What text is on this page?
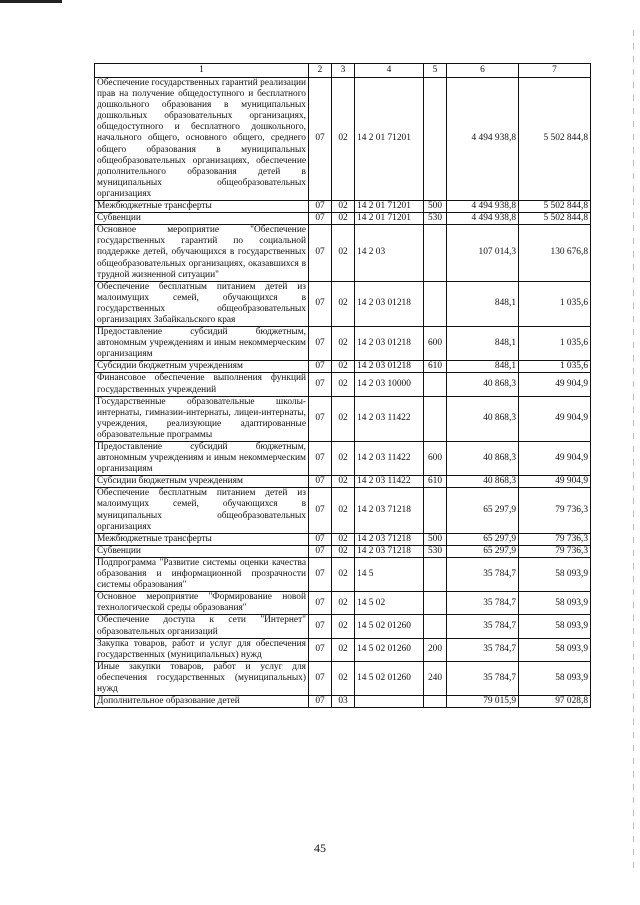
1	2	3	4	5	6	7
Обеспечение государственных гарантий реализации прав на получение общедоступного и бесплатного дошкольного образования в муниципальных дошкольных образовательных организациях, общедоступного и бесплатного дошкольного, начального общего, основного общего, среднего общего образования в муниципальных общеобразовательных организациях, обеспечение дополнительного образования детей в муниципальных общеобразовательных организациях	07	02	14 2 01 71201		4 494 938,8	5 502 844,8
Межбюджетные трансферты	07	02	14 2 01 71201	500	4 494 938,8	5 502 844,8
Субвенции	07	02	14 2 01 71201	530	4 494 938,8	5 502 844,8
Основное мероприятие "Обеспечение государственных гарантий по социальной поддержке детей, обучающихся в государственных общеобразовательных организациях, оказавшихся в трудной жизненной ситуации"	07	02	14 2 03		107 014,3	130 676,8
Обеспечение бесплатным питанием детей из малоимущих семей, обучающихся в государственных общеобразовательных организациях Забайкальского края	07	02	14 2 03 01218		848,1	1 035,6
Предоставление субсидий бюджетным, автономным учреждениям и иным некоммерческим организациям	07	02	14 2 03 01218	600	848,1	1 035,6
Субсидии бюджетным учреждениям	07	02	14 2 03 01218	610	848,1	1 035,6
Финансовое обеспечение выполнения функций государственных учреждений	07	02	14 2 03 10000		40 868,3	49 904,9
Государственные образовательные школы-интернаты, гимназии-интернаты, лицеи-интернаты, учреждения, реализующие адаптированные образовательные программы	07	02	14 2 03 11422		40 868,3	49 904,9
Предоставление субсидий бюджетным, автономным учреждениям и иным некоммерческим организациям	07	02	14 2 03 11422	600	40 868,3	49 904,9
Субсидии бюджетным учреждениям	07	02	14 2 03 11422	610	40 868,3	49 904,9
Обеспечение бесплатным питанием детей из малоимущих семей, обучающихся в муниципальных общеобразовательных организациях	07	02	14 2 03 71218		65 297,9	79 736,3
Межбюджетные трансферты	07	02	14 2 03 71218	500	65 297,9	79 736,3
Субвенции	07	02	14 2 03 71218	530	65 297,9	79 736,3
Подпрограмма "Развитие системы оценки качества образования и информационной прозрачности системы образования"	07	02	14 5		35 784,7	58 093,9
Основное мероприятие "Формирование новой технологической среды образования"	07	02	14 5 02		35 784,7	58 093,9
Обеспечение доступа к сети "Интернет" образовательных организаций	07	02	14 5 02 01260		35 784,7	58 093,9
Закупка товаров, работ и услуг для обеспечения государственных (муниципальных) нужд	07	02	14 5 02 01260	200	35 784,7	58 093,9
Иные закупки товаров, работ и услуг для обеспечения государственных (муниципальных) нужд	07	02	14 5 02 01260	240	35 784,7	58 093,9
Дополнительное образование детей	07	03			79 015,9	97 028,8
45
